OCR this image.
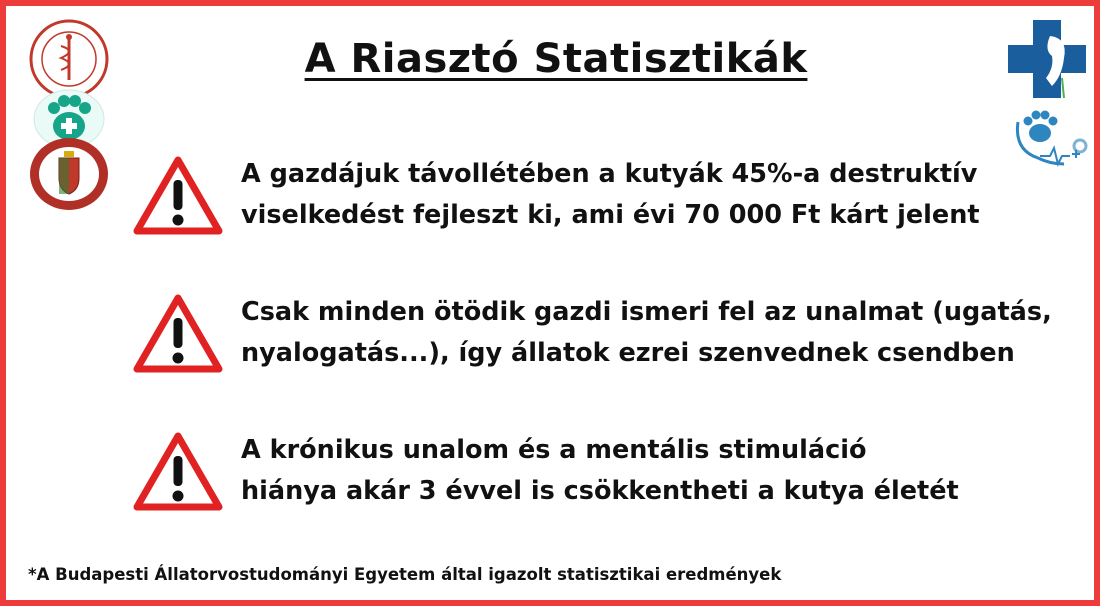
A Riasztó Statisztikák
A gazdájuk távollétében a kutyák 45%-a destruktív
viselkedést fejleszt ki, ami évi 70 000 Ft kárt jelent
Csak minden ötödik gazdi ismeri fel az unalmat (ugatás,
nyalogatás...), így állatok ezrei szenvednek csendben
A krónikus unalom és a mentális stimuláció
hiánya akár 3 évvel is csökkentheti a kutya életét
*A Budapesti Állatorvostudományi Egyetem által igazolt statisztikai eredmények
